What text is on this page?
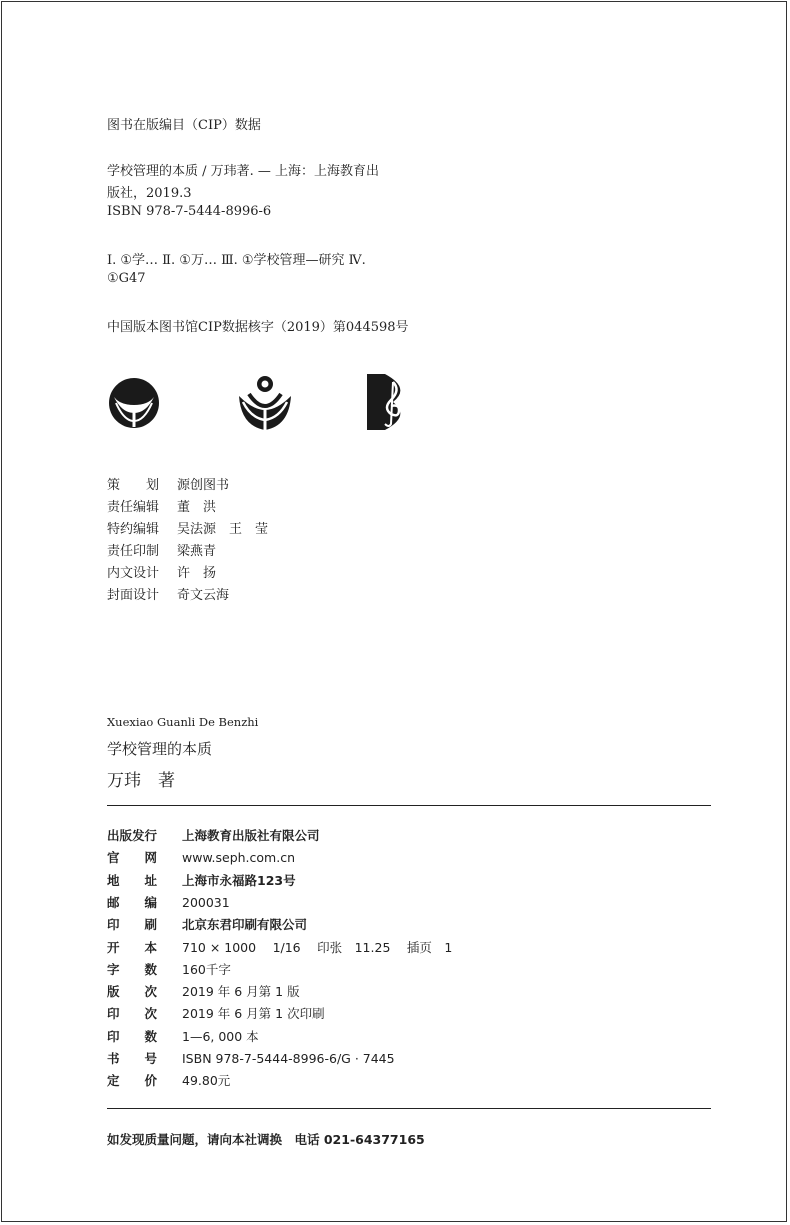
图书在版编目（CIP）数据
学校管理的本质 / 万玮著. — 上海：上海教育出
版社，2019.3
ISBN 978-7-5444-8996-6
Ⅰ. ①学… Ⅱ. ①万… Ⅲ. ①学校管理—研究 Ⅳ.
①G47
中国版本图书馆CIP数据核字（2019）第044598号
策　　划 源创图书
责任编辑 董　洪
特约编辑 吴法源　王　莹
责任印制 梁燕青
内文设计 许　扬
封面设计 奇文云海
Xuexiao Guanli De Benzhi
学校管理的本质
万玮　著
出版发行 上海教育出版社有限公司
官　　网 www.seph.com.cn
地　　址 上海市永福路123号
邮　　编 200031
印　　刷 北京东君印刷有限公司
开　　本 710 × 1000　 1/16　 印张　11.25　 插页　1
字　　数 160千字
版　　次 2019 年 6 月第 1 版
印　　次 2019 年 6 月第 1 次印刷
印　　数 1—6, 000 本
书　　号 ISBN 978-7-5444-8996-6/G · 7445
定　　价 49.80元
如发现质量问题，请向本社调换　电话 021-64377165
